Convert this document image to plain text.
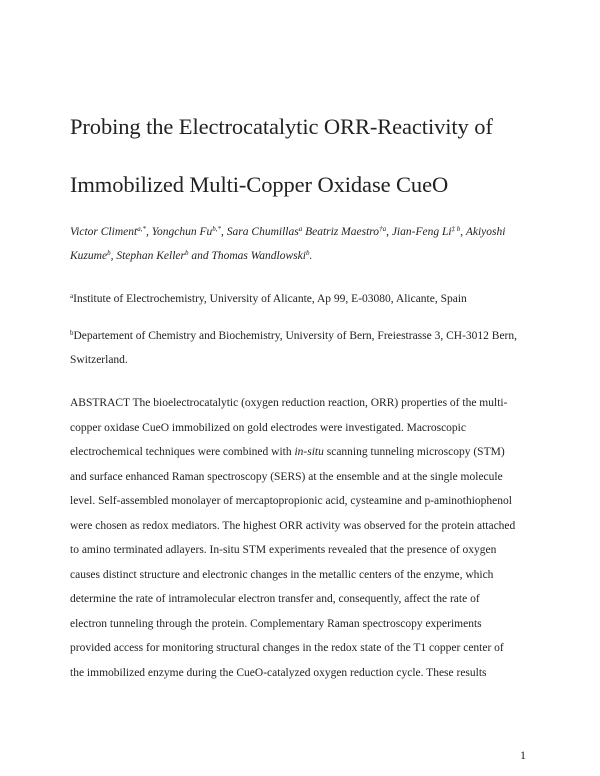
Probing the Electrocatalytic ORR-Reactivity of
Immobilized Multi-Copper Oxidase CueO
Victor Climent$^{a,*}$, Yongchun $Fu^{b,*}$, Sara Chumillas$^a$ Beatriz Maestro$^{\dagger a}$, Jian-Feng Li$^{\ddagger b}$, Akiyoshi Kuzume$^b$, Stephan Keller$^b$ and Thomas Wandlowski$^b$.
$^a$Institute of Electrochemistry, University of Alicante, Ap 99, E-03080, Alicante, Spain
$^b$Departement of Chemistry and Biochemistry, University of Bern, Freiestrasse 3, CH-3012 Bern, Switzerland.
ABSTRACT The bioelectrocatalytic (oxygen reduction reaction, ORR) properties of the multi-
copper oxidase CueO immobilized on gold electrodes were investigated. Macroscopic
electrochemical techniques were combined with in-situ scanning tunneling microscopy (STM)
and surface enhanced Raman spectroscopy (SERS) at the ensemble and at the single molecule
level. Self-assembled monolayer of mercaptopropionic acid, cysteamine and p-aminothiophenol
were chosen as redox mediators. The highest ORR activity was observed for the protein attached
to amino terminated adlayers. In-situ STM experiments revealed that the presence of oxygen
causes distinct structure and electronic changes in the metallic centers of the enzyme, which
determine the rate of intramolecular electron transfer and, consequently, affect the rate of
electron tunneling through the protein. Complementary Raman spectroscopy experiments
provided access for monitoring structural changes in the redox state of the T1 copper center of
the immobilized enzyme during the CueO-catalyzed oxygen reduction cycle. These results
1
